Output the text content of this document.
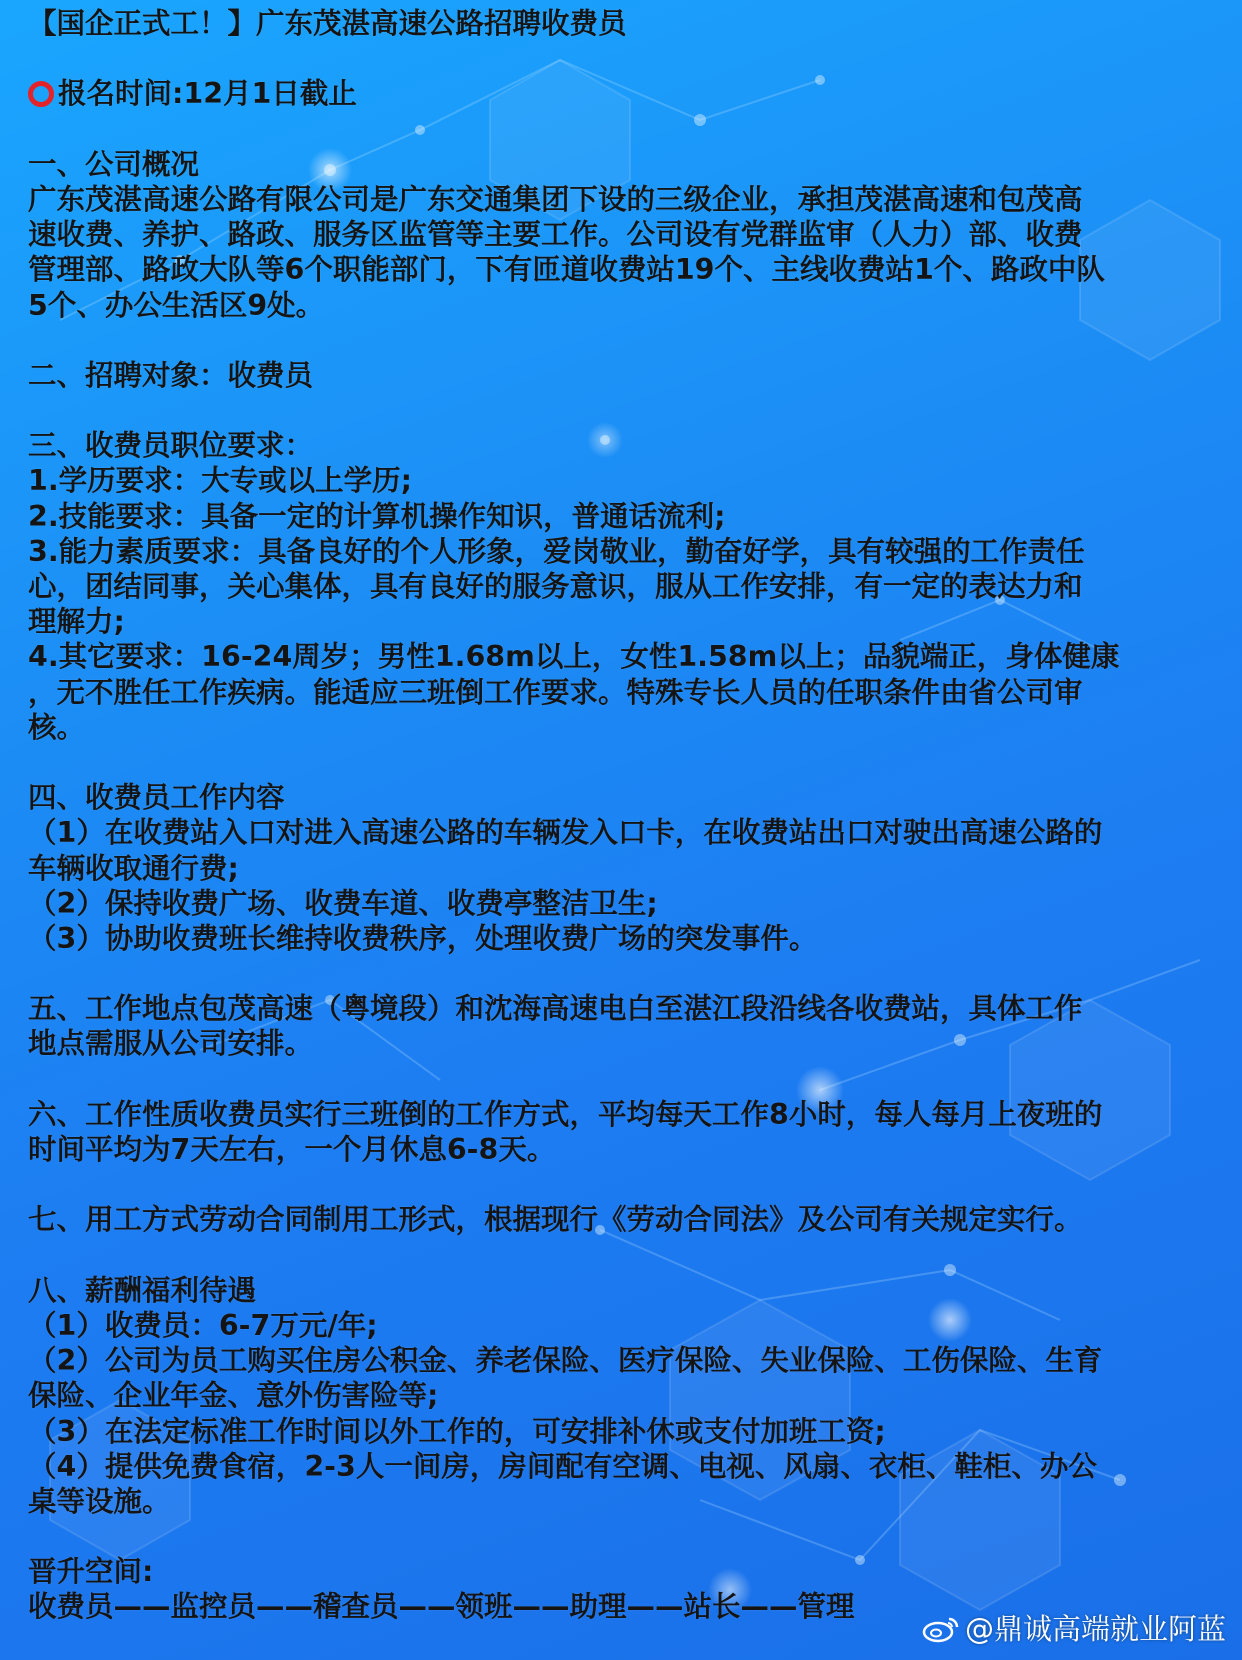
【国企正式工！】广东茂湛高速公路招聘收费员
报名时间:12月1日截止
一、公司概况
广东茂湛高速公路有限公司是广东交通集团下设的三级企业，承担茂湛高速和包茂高
速收费、养护、路政、服务区监管等主要工作。公司设有党群监审（人力）部、收费
管理部、路政大队等6个职能部门，下有匝道收费站19个、主线收费站1个、路政中队
5个、办公生活区9处。
二、招聘对象：收费员
三、收费员职位要求：
1.学历要求：大专或以上学历;
2.技能要求：具备一定的计算机操作知识，普通话流利;
3.能力素质要求：具备良好的个人形象，爱岗敬业，勤奋好学，具有较强的工作责任
心，团结同事，关心集体，具有良好的服务意识，服从工作安排，有一定的表达力和
理解力;
4.其它要求：16-24周岁；男性1.68m以上，女性1.58m以上；品貌端正，身体健康
，无不胜任工作疾病。能适应三班倒工作要求。特殊专长人员的任职条件由省公司审
核。
四、收费员工作内容
（1）在收费站入口对进入高速公路的车辆发入口卡，在收费站出口对驶出高速公路的
车辆收取通行费;
（2）保持收费广场、收费车道、收费亭整洁卫生;
（3）协助收费班长维持收费秩序，处理收费广场的突发事件。
五、工作地点包茂高速（粤境段）和沈海高速电白至湛江段沿线各收费站，具体工作
地点需服从公司安排。
六、工作性质收费员实行三班倒的工作方式，平均每天工作8小时，每人每月上夜班的
时间平均为7天左右，一个月休息6-8天。
七、用工方式劳动合同制用工形式，根据现行《劳动合同法》及公司有关规定实行。
八、薪酬福利待遇
（1）收费员：6-7万元/年;
（2）公司为员工购买住房公积金、养老保险、医疗保险、失业保险、工伤保险、生育
保险、企业年金、意外伤害险等;
（3）在法定标准工作时间以外工作的，可安排补休或支付加班工资;
（4）提供免费食宿，2-3人一间房，房间配有空调、电视、风扇、衣柜、鞋柜、办公
桌等设施。
晋升空间:
收费员——监控员——稽查员——领班——助理——站长——管理
@鼎诚高端就业阿蓝
